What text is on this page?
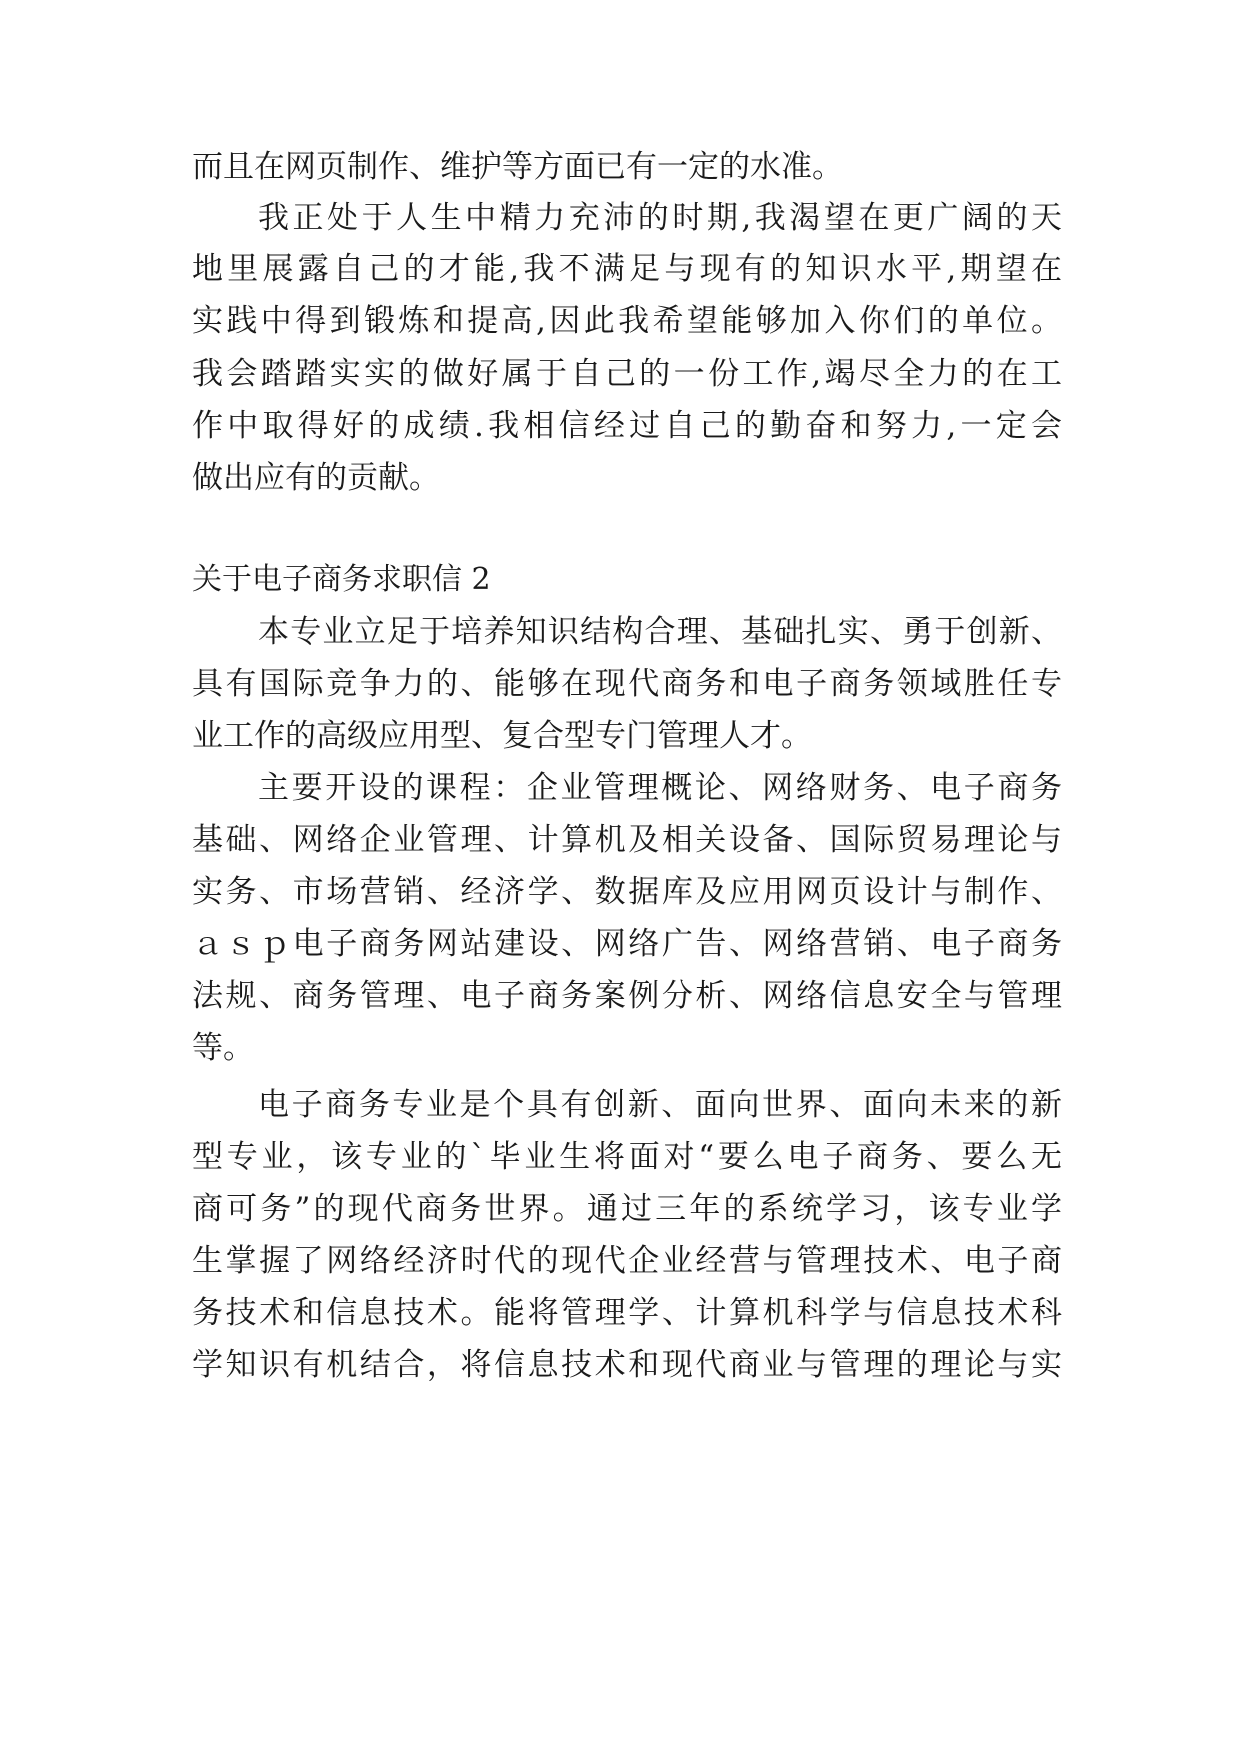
而且在网页制作、维护等方面已有一定的水准。
我正处于人生中精力充沛的时期,我渴望在更广阔的天
地里展露自己的才能,我不满足与现有的知识水平,期望在
实践中得到锻炼和提高,因此我希望能够加入你们的单位。
我会踏踏实实的做好属于自己的一份工作,竭尽全力的在工
作中取得好的成绩.我相信经过自己的勤奋和努力,一定会
做出应有的贡献。
关于电子商务求职信 2
本专业立足于培养知识结构合理、基础扎实、勇于创新、
具有国际竞争力的、能够在现代商务和电子商务领域胜任专
业工作的高级应用型、复合型专门管理人才。
主要开设的课程：企业管理概论、网络财务、电子商务
基础、网络企业管理、计算机及相关设备、国际贸易理论与
实务、市场营销、经济学、数据库及应用网页设计与制作、
ａｓｐ电子商务网站建设、网络广告、网络营销、电子商务
法规、商务管理、电子商务案例分析、网络信息安全与管理
等。
电子商务专业是个具有创新、面向世界、面向未来的新
型专业，该专业的`毕业生将面对“要么电子商务、要么无
商可务”的现代商务世界。通过三年的系统学习，该专业学
生掌握了网络经济时代的现代企业经营与管理技术、电子商
务技术和信息技术。能将管理学、计算机科学与信息技术科
学知识有机结合，将信息技术和现代商业与管理的理论与实
